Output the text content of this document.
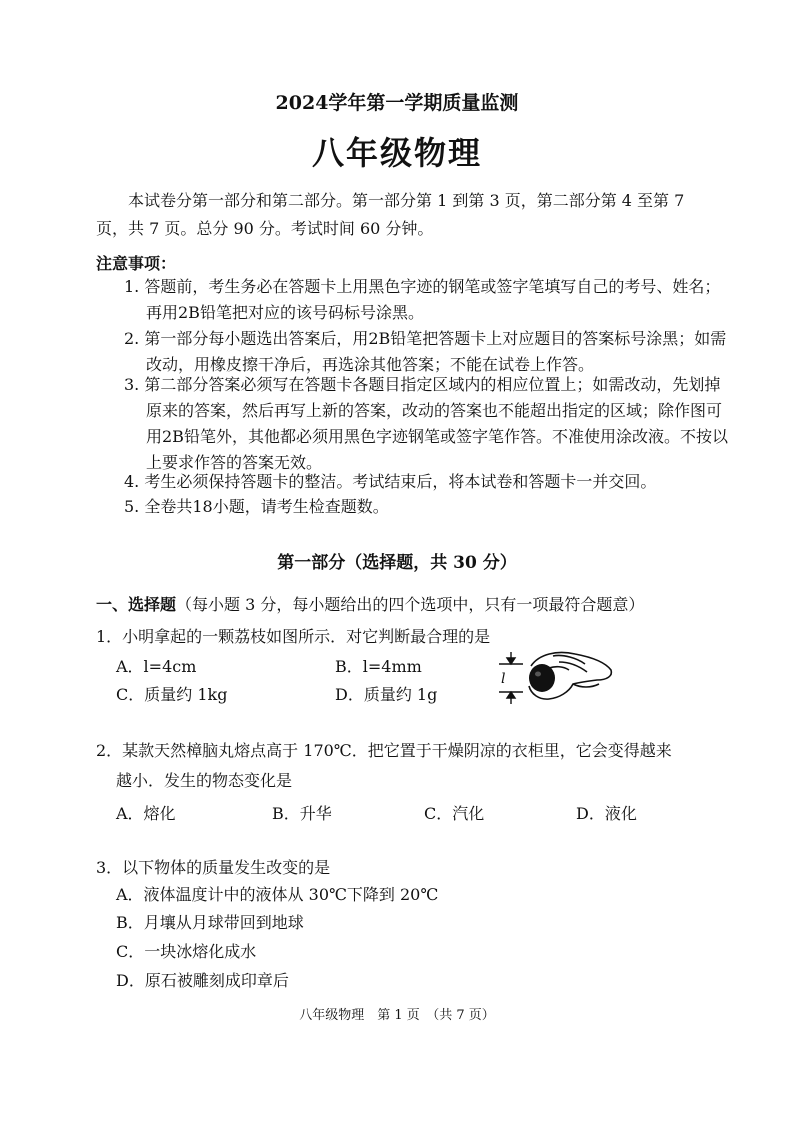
2024学年第一学期质量监测
八年级物理
本试卷分第一部分和第二部分。第一部分第 1 到第 3 页，第二部分第 4 至第 7 页，共 7 页。总分 90 分。考试时间 60 分钟。
注意事项：
1. 答题前，考生务必在答题卡上用黑色字迹的钢笔或签字笔填写自己的考号、姓名；再用2B铅笔把对应的该号码标号涂黑。
2. 第一部分每小题选出答案后，用2B铅笔把答题卡上对应题目的答案标号涂黑；如需改动，用橡皮擦干净后，再选涂其他答案；不能在试卷上作答。
3. 第二部分答案必须写在答题卡各题目指定区域内的相应位置上；如需改动，先划掉原来的答案，然后再写上新的答案，改动的答案也不能超出指定的区域；除作图可用2B铅笔外，其他都必须用黑色字迹钢笔或签字笔作答。不准使用涂改液。不按以上要求作答的答案无效。
4. 考生必须保持答题卡的整洁。考试结束后，将本试卷和答题卡一并交回。
5. 全卷共18小题，请考生检查题数。
第一部分（选择题，共 30 分）
一、选择题（每小题 3 分，每小题给出的四个选项中，只有一项最符合题意）
1．小明拿起的一颗荔枝如图所示．对它判断最合理的是
A．l=4cm	B．l=4mm
C．质量约 1kg	D．质量约 1g
l
2．某款天然樟脑丸熔点高于 170℃．把它置于干燥阴凉的衣柜里，它会变得越来
越小．发生的物态变化是
A．熔化	B．升华	C．汽化	D．液化
3．以下物体的质量发生改变的是
A．液体温度计中的液体从 30℃下降到 20℃
B．月壤从月球带回到地球
C．一块冰熔化成水
D．原石被雕刻成印章后
八年级物理　第 1 页　（共 7 页）
